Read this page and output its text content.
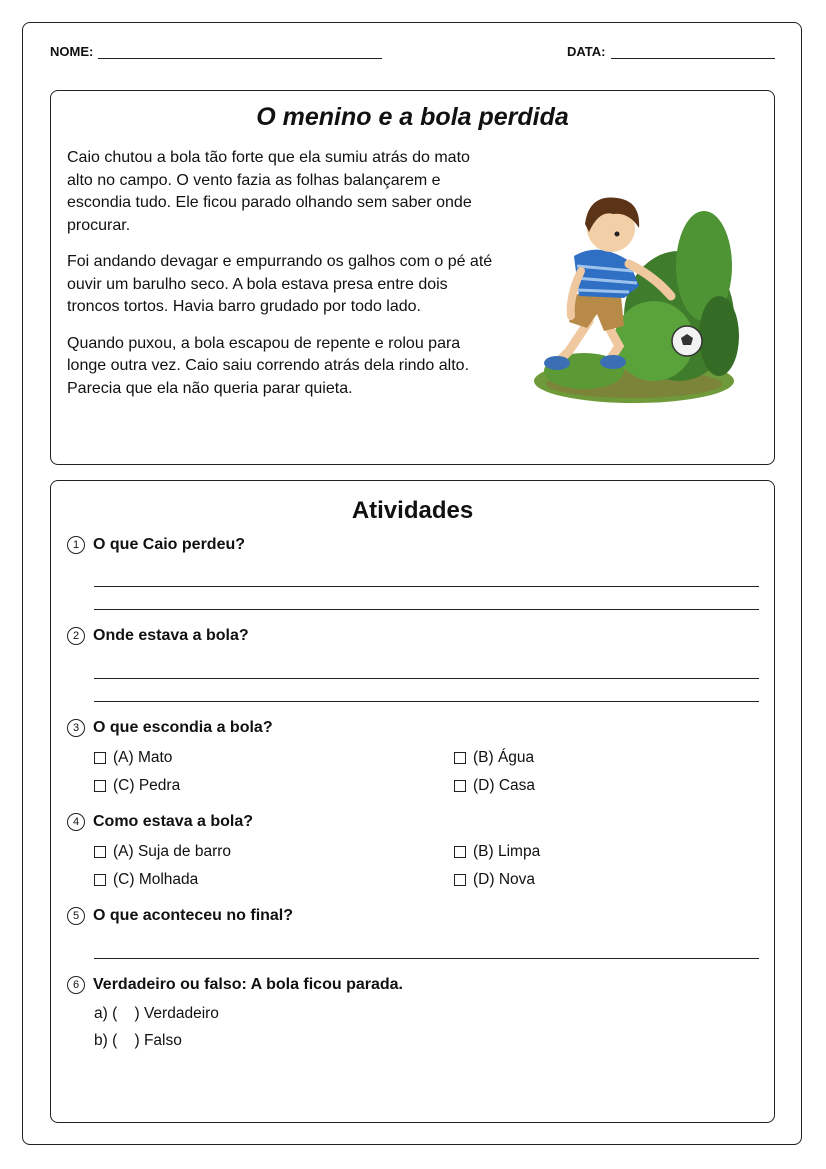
NOME:	DATA:
O menino e a bola perdida

Caio chutou a bola tão forte que ela sumiu atrás do mato alto no campo. O vento fazia as folhas balançarem e escondia tudo. Ele ficou parado olhando sem saber onde procurar.

Foi andando devagar e empurrando os galhos com o pé até ouvir um barulho seco. A bola estava presa entre dois troncos tortos. Havia barro grudado por todo lado.

Quando puxou, a bola escapou de repente e rolou para longe outra vez. Caio saiu correndo atrás dela rindo alto. Parecia que ela não queria parar quieta.

Atividades
1 O que Caio perdeu?
2 Onde estava a bola?
3 O que escondia a bola?
(A) Mato	(B) Água
(C) Pedra	(D) Casa
4 Como estava a bola?
(A) Suja de barro	(B) Limpa
(C) Molhada	(D) Nova
5 O que aconteceu no final?
6 Verdadeiro ou falso: A bola ficou parada.
a) (    ) Verdadeiro
b) (    ) Falso
